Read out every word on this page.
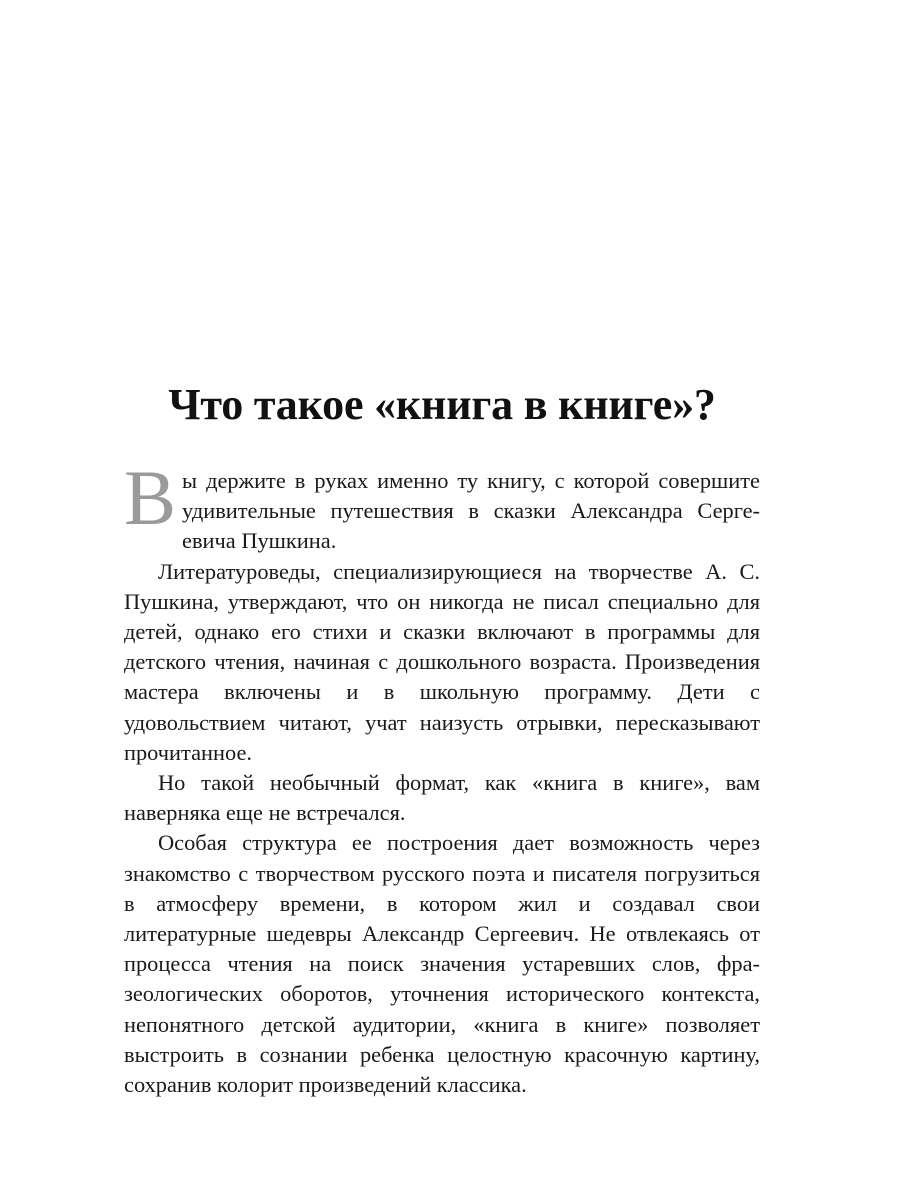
Что такое «книга в книге»?

Вы держите в руках именно ту книгу, с которой совершите удивительные путешествия в сказки Александра Сергеевича Пушкина.

Литературоведы, специализирующиеся на творчестве А. С. Пушкина, утверждают, что он никогда не писал специально для детей, однако его стихи и сказки включают в программы для детского чтения, начиная с дошкольного возраста. Произведения мастера включены и в школьную программу. Дети с удовольствием читают, учат наизусть отрывки, пересказывают прочитанное.

Но такой необычный формат, как «книга в книге», вам наверняка еще не встречался.

Особая структура ее построения дает возможность через знакомство с творчеством русского поэта и писателя погрузиться в атмосферу времени, в котором жил и создавал свои литературные шедевры Александр Сергеевич. Не отвлекаясь от процесса чтения на поиск значения устаревших слов, фразеологических оборотов, уточнения исторического контекста, непонятного детской аудитории, «книга в книге» позволяет выстроить в сознании ребенка целостную красочную картину, сохранив колорит произведений классика.
